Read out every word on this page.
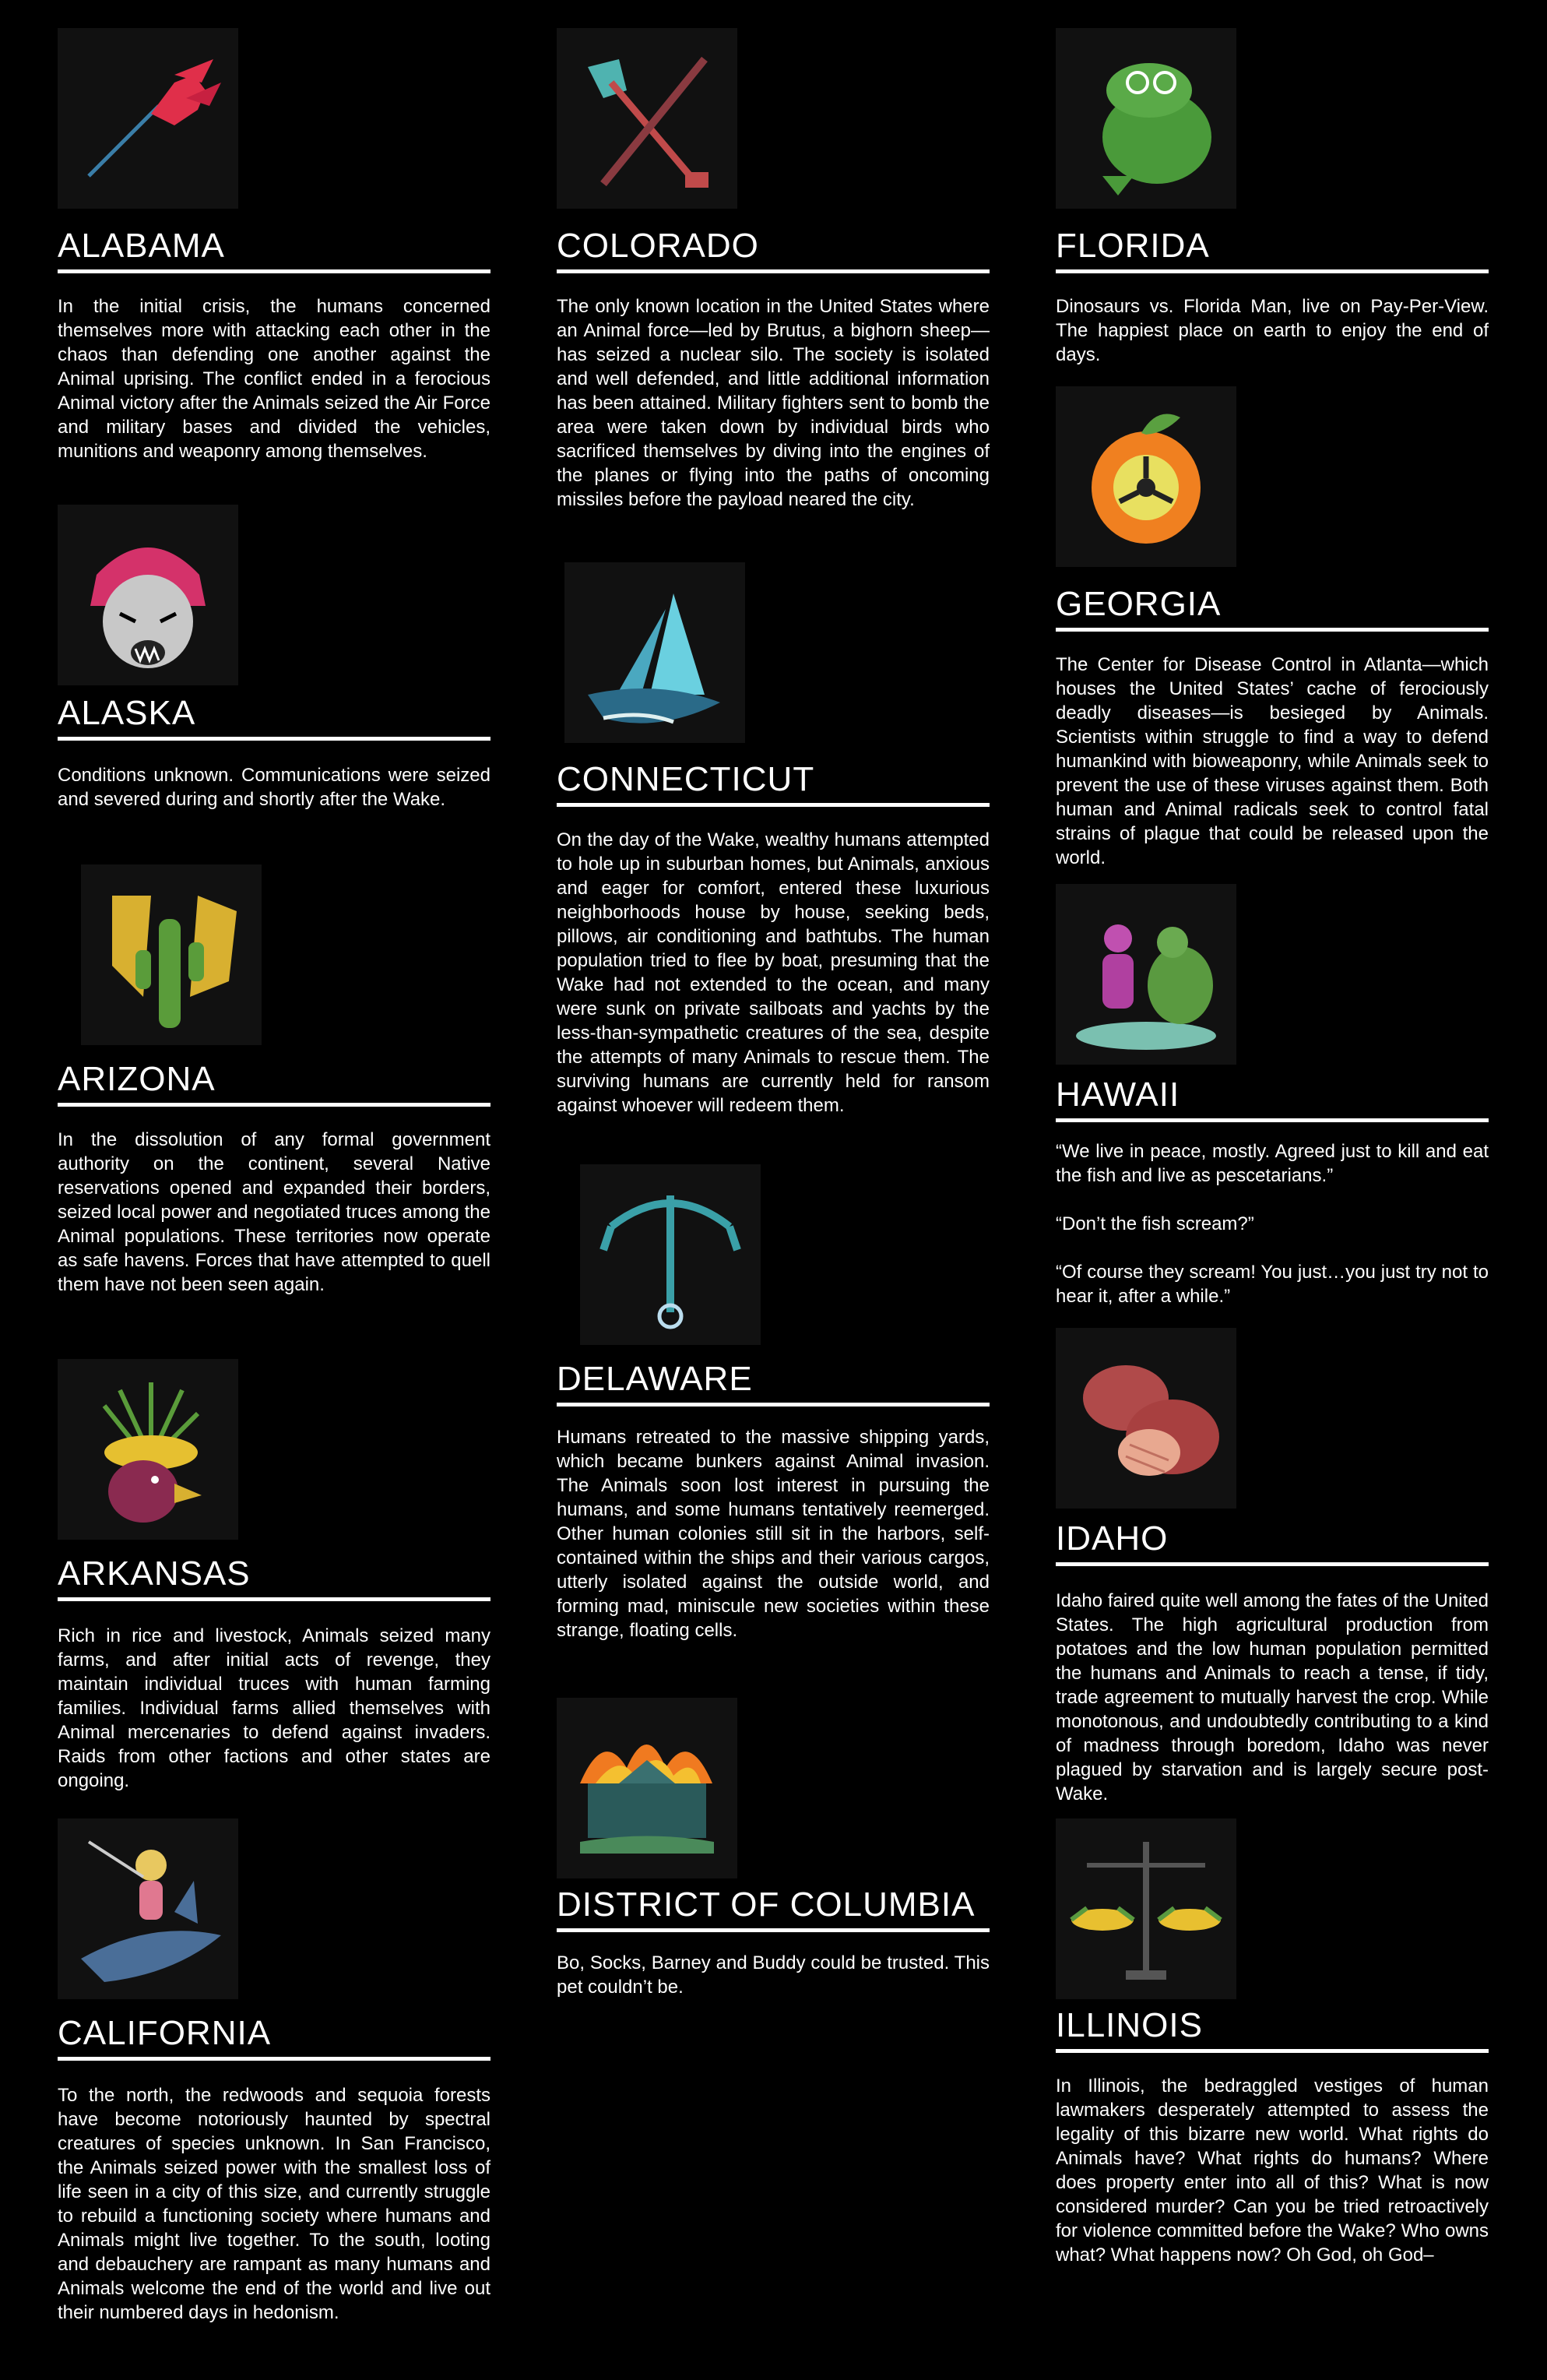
ALABAMA

In the initial crisis, the humans concerned themselves more with attacking each other in the chaos than defending one another against the Animal uprising. The conflict ended in a ferocious Animal victory after the Animals seized the Air Force and military bases and divided the vehicles, munitions and weaponry among themselves.

ALASKA

Conditions unknown. Communications were seized and severed during and shortly after the Wake.

ARIZONA

In the dissolution of any formal government authority on the continent, several Native reservations opened and expanded their borders, seized local power and negotiated truces among the Animal populations. These territories now operate as safe havens. Forces that have attempted to quell them have not been seen again.

ARKANSAS

Rich in rice and livestock, Animals seized many farms, and after initial acts of revenge, they maintain individual truces with human farming families. Individual farms allied themselves with Animal mercenaries to defend against invaders. Raids from other factions and other states are ongoing.

CALIFORNIA

To the north, the redwoods and sequoia forests have become notoriously haunted by spectral creatures of species unknown. In San Francisco, the Animals seized power with the smallest loss of life seen in a city of this size, and currently struggle to rebuild a functioning society where humans and Animals might live together. To the south, looting and debauchery are rampant as many humans and Animals welcome the end of the world and live out their numbered days in hedonism.

COLORADO

The only known location in the United States where an Animal force—led by Brutus, a bighorn sheep—has seized a nuclear silo. The society is isolated and well defended, and little additional information has been attained. Military fighters sent to bomb the area were taken down by individual birds who sacrificed themselves by diving into the engines of the planes or flying into the paths of oncoming missiles before the payload neared the city.

CONNECTICUT

On the day of the Wake, wealthy humans attempted to hole up in suburban homes, but Animals, anxious and eager for comfort, entered these luxurious neighborhoods house by house, seeking beds, pillows, air conditioning and bathtubs. The human population tried to flee by boat, presuming that the Wake had not extended to the ocean, and many were sunk on private sailboats and yachts by the less-than-sympathetic creatures of the sea, despite the attempts of many Animals to rescue them. The surviving humans are currently held for ransom against whoever will redeem them.

DELAWARE

Humans retreated to the massive shipping yards, which became bunkers against Animal invasion. The Animals soon lost interest in pursuing the humans, and some humans tentatively reemerged. Other human colonies still sit in the harbors, self-contained within the ships and their various cargos, utterly isolated against the outside world, and forming mad, miniscule new societies within these strange, floating cells.

DISTRICT OF COLUMBIA

Bo, Socks, Barney and Buddy could be trusted. This pet couldn’t be.

FLORIDA

Dinosaurs vs. Florida Man, live on Pay-Per-View. The happiest place on earth to enjoy the end of days.

GEORGIA

The Center for Disease Control in Atlanta—which houses the United States’ cache of ferociously deadly diseases—is besieged by Animals. Scientists within struggle to find a way to defend humankind with bioweaponry, while Animals seek to prevent the use of these viruses against them. Both human and Animal radicals seek to control fatal strains of plague that could be released upon the world.

HAWAII

“We live in peace, mostly. Agreed just to kill and eat the fish and live as pescetarians.”

“Don’t the fish scream?”

“Of course they scream! You just…you just try not to hear it, after a while.”

IDAHO

Idaho faired quite well among the fates of the United States. The high agricultural production from potatoes and the low human population permitted the humans and Animals to reach a tense, if tidy, trade agreement to mutually harvest the crop. While monotonous, and undoubtedly contributing to a kind of madness through boredom, Idaho was never plagued by starvation and is largely secure post-Wake.

ILLINOIS

In Illinois, the bedraggled vestiges of human lawmakers desperately attempted to assess the legality of this bizarre new world. What rights do Animals have? What rights do humans? Where does property enter into all of this? What is now considered murder? Can you be tried retroactively for violence committed before the Wake? Who owns what? What happens now? Oh God, oh God–
